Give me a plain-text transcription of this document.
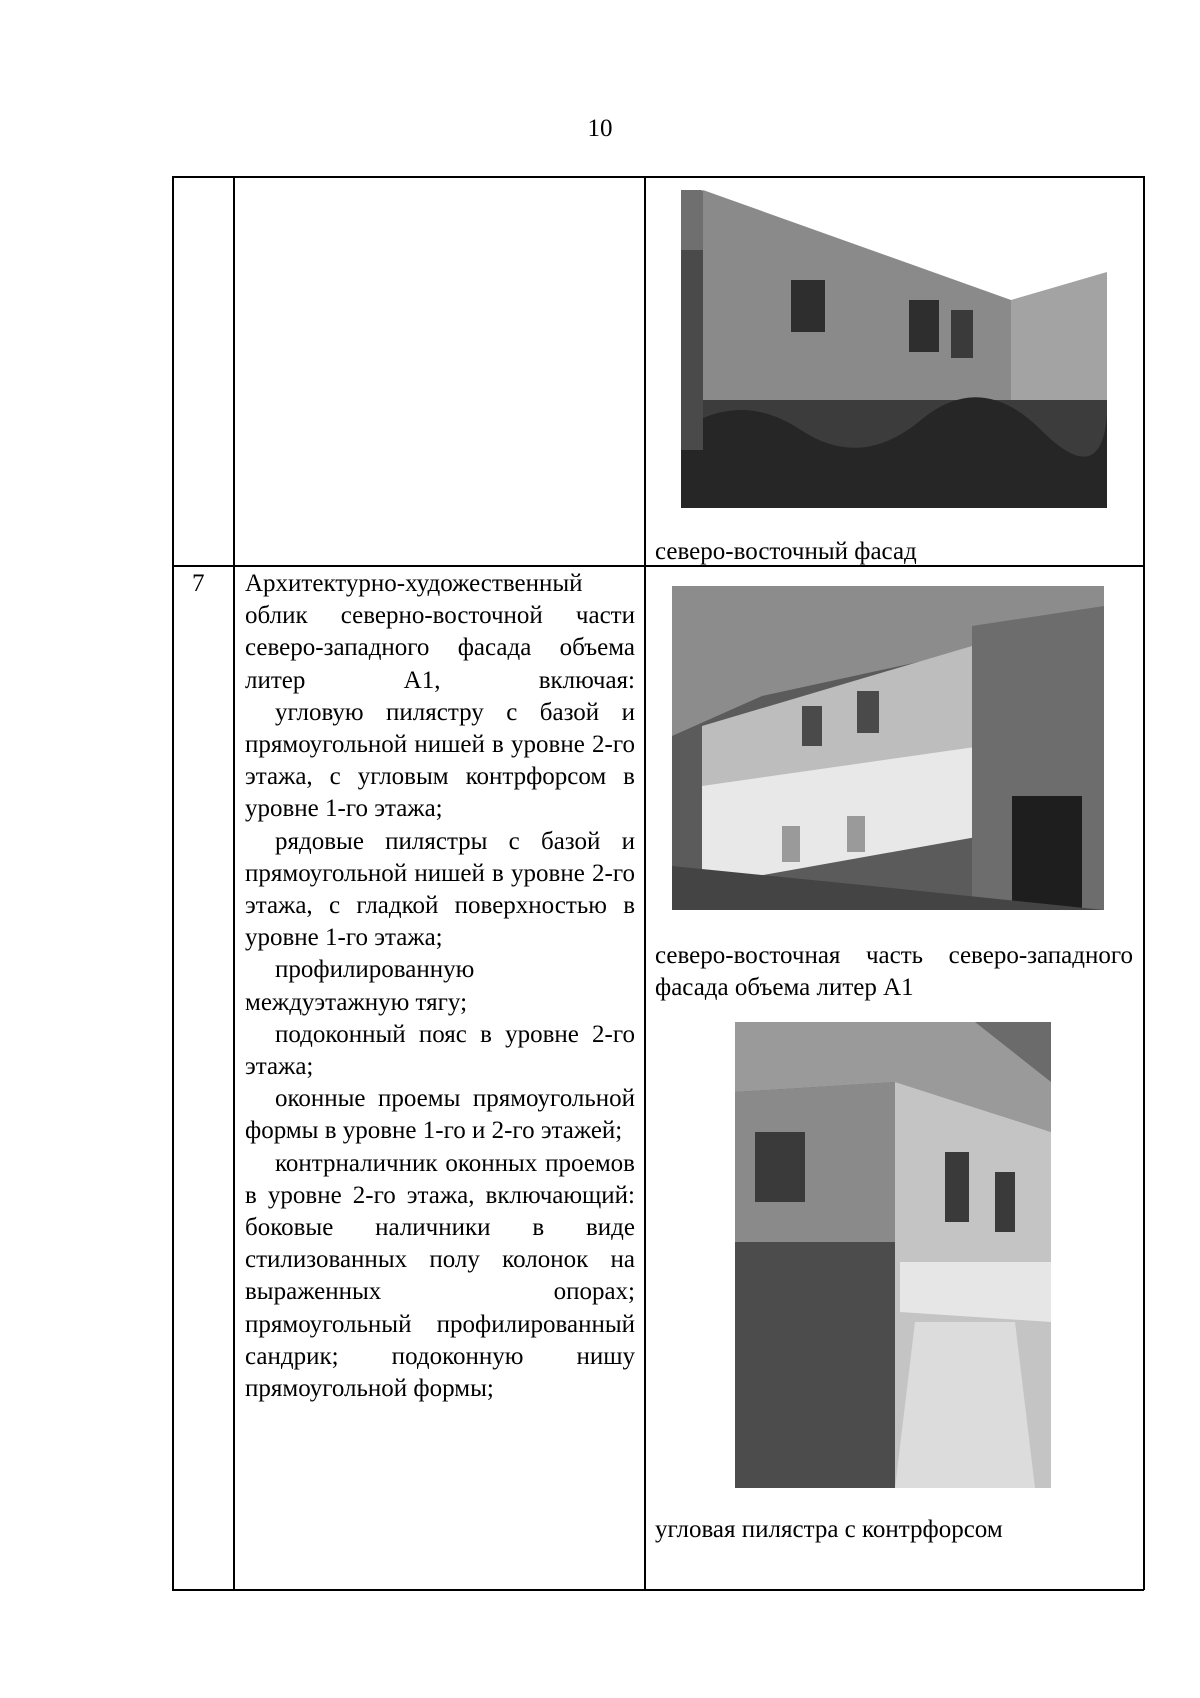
10
северо-восточный фасад
7 Архитектурно-художественный облик северно-восточной части северо-западного фасада объема литер А1, включая:

угловую пилястру с базой и прямоугольной нишей в уровне 2-го этажа, с угловым контрфорсом в уровне 1-го этажа;

рядовые пилястры с базой и прямоугольной нишей в уровне 2-го этажа, с гладкой поверхностью в уровне 1-го этажа;

профилированную междуэтажную тягу;

подоконный пояс в уровне 2-го этажа;

оконные проемы прямоугольной формы в уровне 1-го и 2-го этажей;

контрналичник оконных проемов в уровне 2-го этажа, включающий: боковые наличники в виде стилизованных полу колонок на выраженных опорах; прямоугольный профилированный сандрик; подоконную нишу прямоугольной формы;

северо-восточная часть северо-западного фасада объема литер А1
угловая пилястра с контрфорсом
